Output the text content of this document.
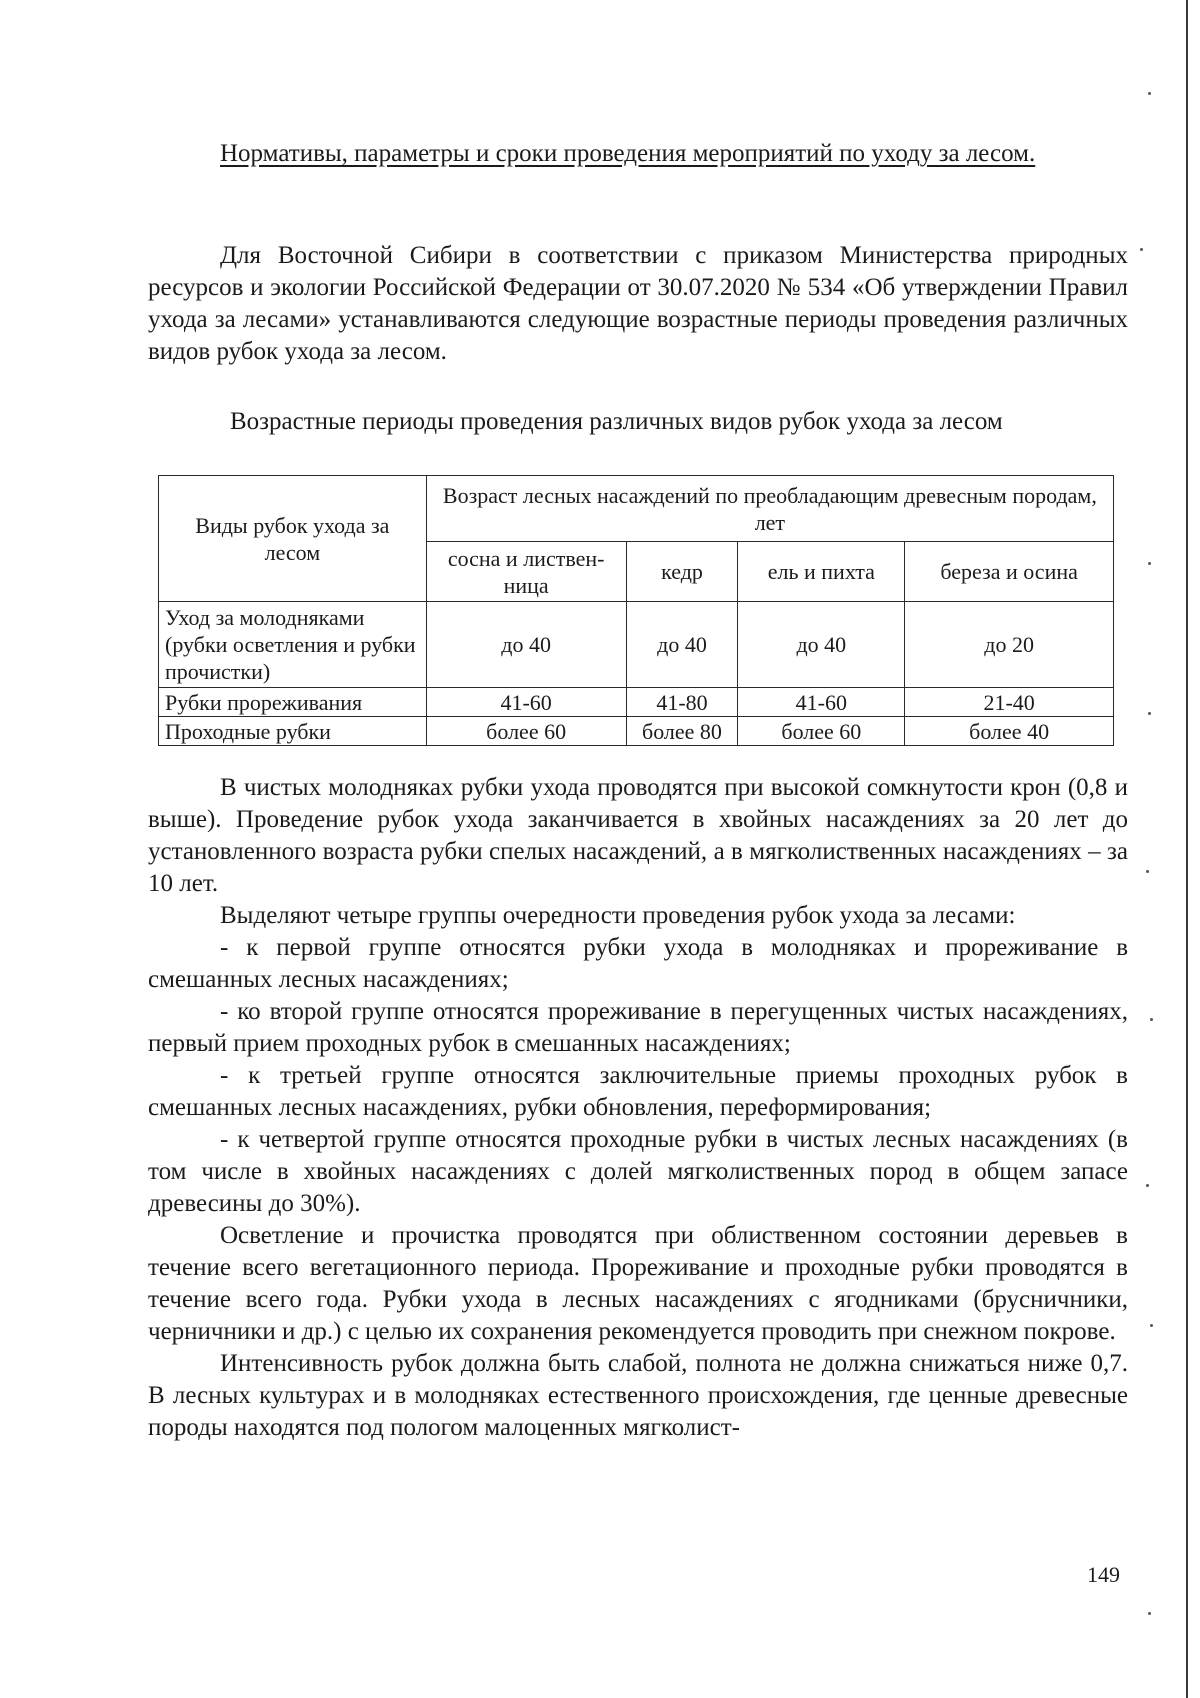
Нормативы, параметры и сроки проведения мероприятий по уходу за лесом.

Для Восточной Сибири в соответствии с приказом Министерства природных ресурсов и экологии Российской Федерации от 30.07.2020 № 534 «Об утверждении Правил ухода за лесами» устанавливаются следующие возрастные периоды проведения различных видов рубок ухода за лесом.

Возрастные периоды проведения различных видов рубок ухода за лесом
Виды рубок ухода за лесом	Возраст лесных насаждений по преобладающим древесным породам, лет			
	сосна и листвен-ница	кедр	ель и пихта	береза и осина
Уход за молодняками (рубки осветления и рубки прочистки)	до 40	до 40	до 40	до 20
Рубки прореживания	41-60	41-80	41-60	21-40
Проходные рубки	более 60	более 80	более 60	более 40

В чистых молодняках рубки ухода проводятся при высокой сомкнутости крон (0,8 и выше). Проведение рубок ухода заканчивается в хвойных насаждениях за 20 лет до установленного возраста рубки спелых насаждений, а в мягколиственных насаждениях – за 10 лет.

Выделяют четыре группы очередности проведения рубок ухода за лесами:

- к первой группе относятся рубки ухода в молодняках и прореживание в смешанных лесных насаждениях;

- ко второй группе относятся прореживание в перегущенных чистых насаждениях, первый прием проходных рубок в смешанных насаждениях;

- к третьей группе относятся заключительные приемы проходных рубок в смешанных лесных насаждениях, рубки обновления, переформирования;

- к четвертой группе относятся проходные рубки в чистых лесных насаждениях (в том числе в хвойных насаждениях с долей мягколиственных пород в общем запасе древесины до 30%).

Осветление и прочистка проводятся при облиственном состоянии деревьев в течение всего вегетационного периода. Прореживание и проходные рубки проводятся в течение всего года. Рубки ухода в лесных насаждениях с ягодниками (брусничники, черничники и др.) с целью их сохранения рекомендуется проводить при снежном покрове.

Интенсивность рубок должна быть слабой, полнота не должна снижаться ниже 0,7. В лесных культурах и в молодняках естественного происхождения, где ценные древесные породы находятся под пологом малоценных мягколист-

149
